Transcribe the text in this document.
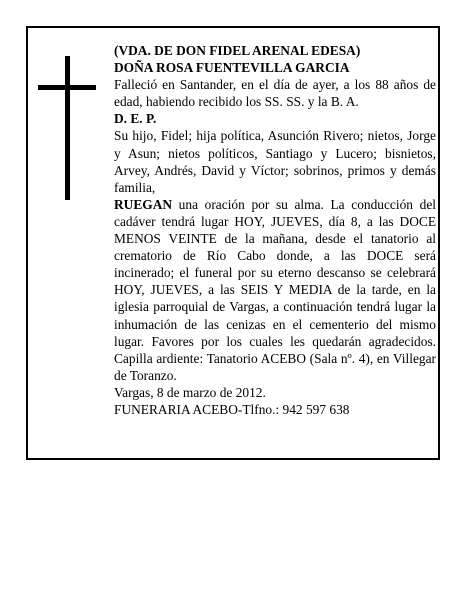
(VDA. DE DON FIDEL ARENAL EDESA)

DOÑA ROSA FUENTEVILLA GARCIA

Falleció en Santander, en el día de ayer, a los 88 años de edad, habiendo recibido los SS. SS. y la B. A.

D. E. P.

Su hijo, Fidel; hija política, Asunción Rivero; nietos, Jorge y Asun; nietos políticos, Santiago y Lucero; bisnietos, Arvey, Andrés, David y Víctor; sobrinos, primos y demás familia,

RUEGAN una oración por su alma. La conducción del cadáver tendrá lugar HOY, JUEVES, día 8, a las DOCE MENOS VEINTE de la mañana, desde el tanatorio al crematorio de Río Cabo donde, a las DOCE será incinerado; el funeral por su eterno descanso se celebrará HOY, JUEVES, a las SEIS Y MEDIA de la tarde, en la iglesia parroquial de Vargas, a continuación tendrá lugar la inhumación de las cenizas en el cementerio del mismo lugar. Favores por los cuales les quedarán agradecidos. Capilla ardiente: Tanatorio ACEBO (Sala nº. 4), en Villegar de Toranzo.

Vargas, 8 de marzo de 2012.

FUNERARIA ACEBO-Tlfno.: 942 597 638
